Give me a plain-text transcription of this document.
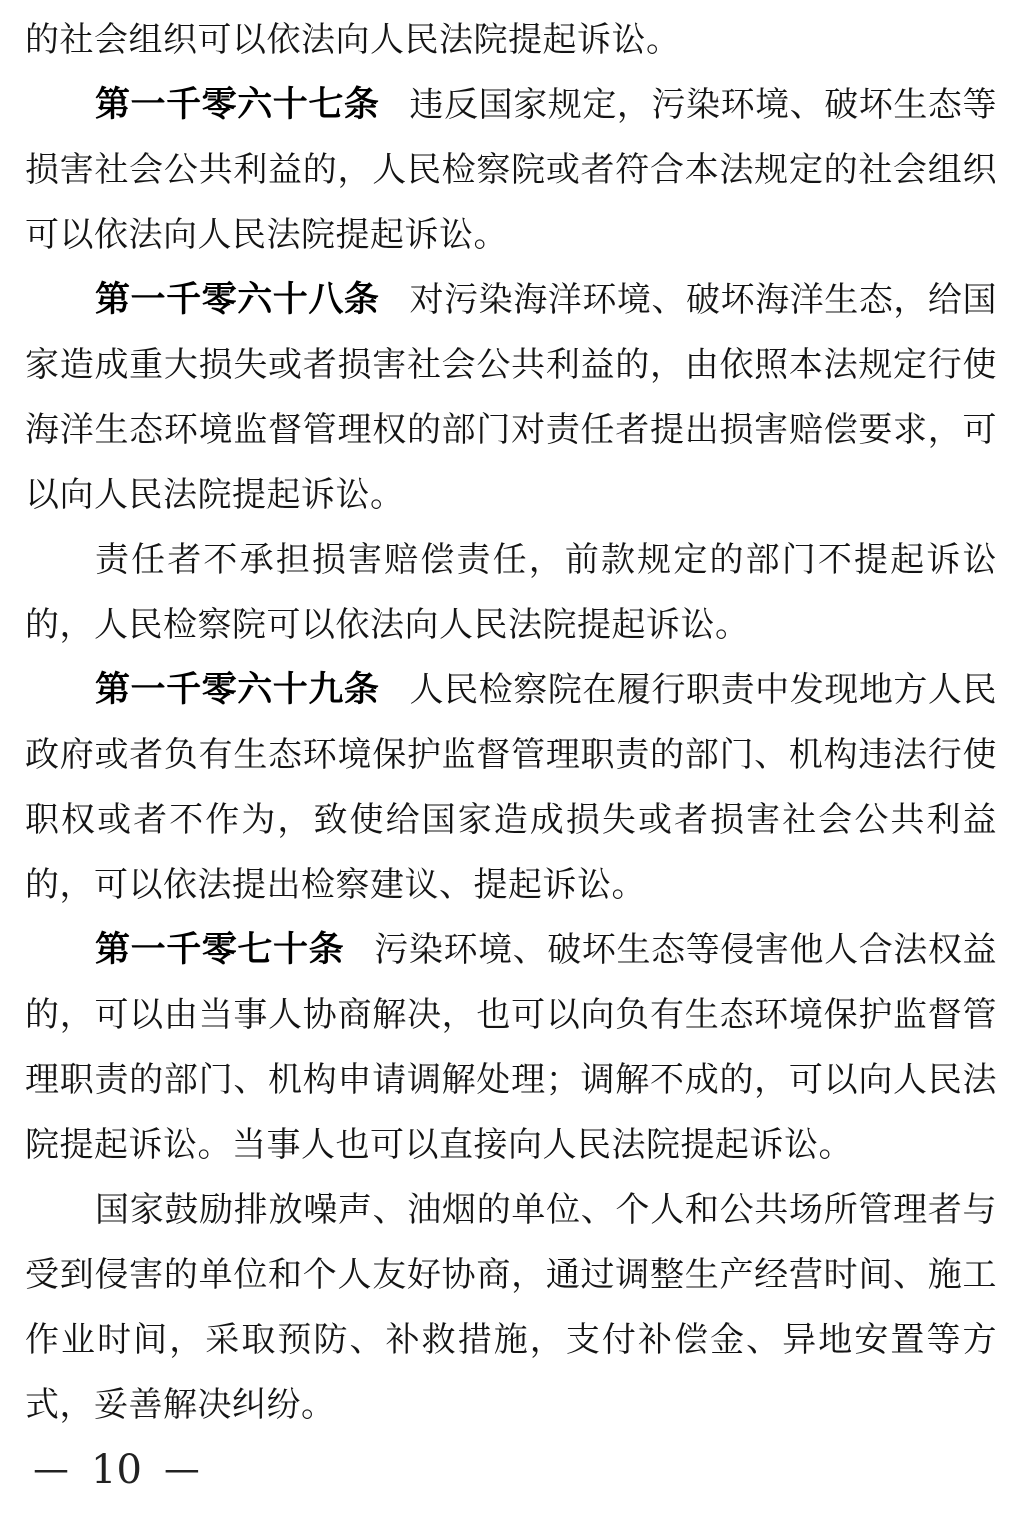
的社会组织可以依法向人民法院提起诉讼。
第一千零六十七条 违反国家规定，污染环境、破坏生态等
损害社会公共利益的，人民检察院或者符合本法规定的社会组织
可以依法向人民法院提起诉讼。
第一千零六十八条 对污染海洋环境、破坏海洋生态，给国
家造成重大损失或者损害社会公共利益的，由依照本法规定行使
海洋生态环境监督管理权的部门对责任者提出损害赔偿要求，可
以向人民法院提起诉讼。
责任者不承担损害赔偿责任，前款规定的部门不提起诉讼
的，人民检察院可以依法向人民法院提起诉讼。
第一千零六十九条 人民检察院在履行职责中发现地方人民
政府或者负有生态环境保护监督管理职责的部门、机构违法行使
职权或者不作为，致使给国家造成损失或者损害社会公共利益
的，可以依法提出检察建议、提起诉讼。
第一千零七十条 污染环境、破坏生态等侵害他人合法权益
的，可以由当事人协商解决，也可以向负有生态环境保护监督管
理职责的部门、机构申请调解处理；调解不成的，可以向人民法
院提起诉讼。当事人也可以直接向人民法院提起诉讼。
国家鼓励排放噪声、油烟的单位、个人和公共场所管理者与
受到侵害的单位和个人友好协商，通过调整生产经营时间、施工
作业时间，采取预防、补救措施，支付补偿金、异地安置等方
式，妥善解决纠纷。
— 10 —
